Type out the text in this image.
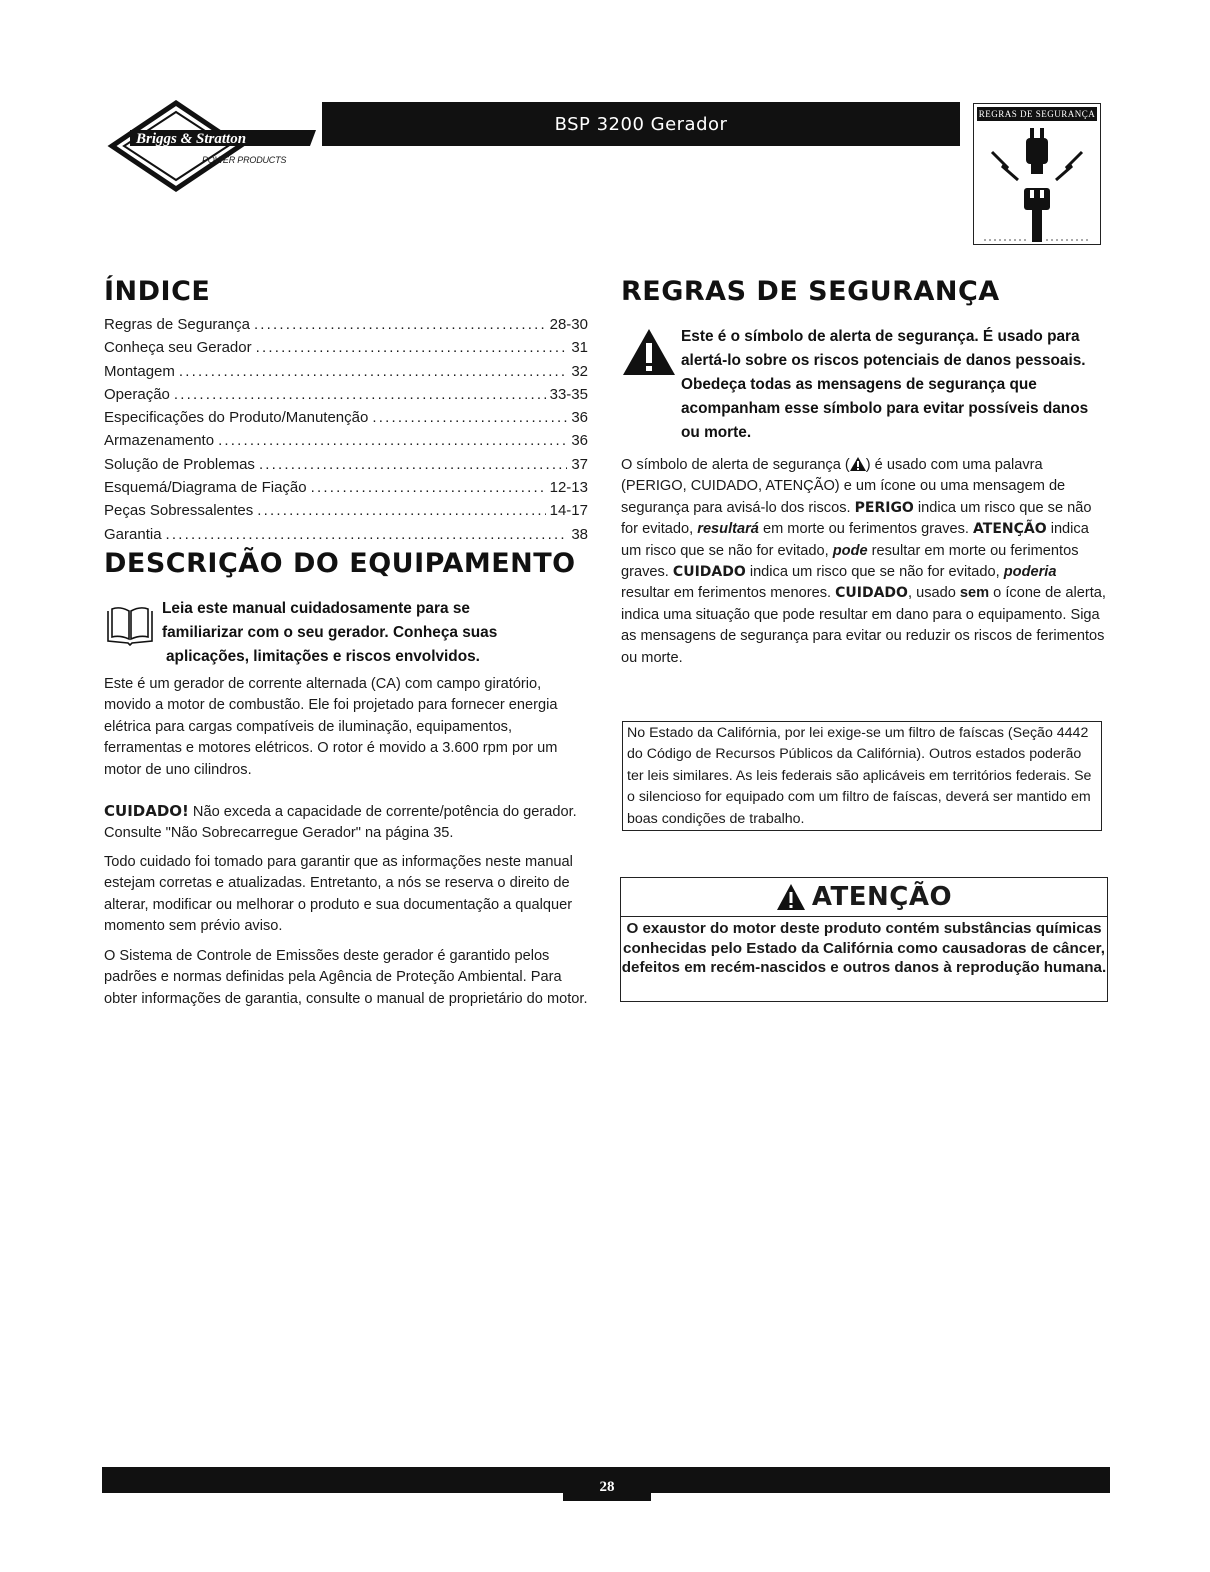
Briggs & Stratton
POWER PRODUCTS
BSP 3200 Gerador	REGRAS DE SEGURANÇA
ÍNDICE
Regras de Segurança .....	28-30
Conheça seu Gerador .....	31
Montagem .....	32
Operação .....	33-35
Especificações do Produto/Manutenção .....	36
Armazenamento .....	36
Solução de Problemas .....	37
Esquemá/Diagrama de Fiação .....	12-13
Peças Sobressalentes .....	14-17
Garantia .....	38
DESCRIÇÃO DO EQUIPAMENTO
Leia este manual cuidadosamente para se
familiarizar com o seu gerador. Conheça suas

aplicações, limitações e riscos envolvidos.

Este é um gerador de corrente alternada (CA) com campo giratório, movido a motor de combustão. Ele foi projetado para fornecer energia elétrica para cargas compatíveis de iluminação, equipamentos, ferramentas e motores elétricos. O rotor é movido a 3.600 rpm por um motor de uno cilindros.

CUIDADO! Não exceda a capacidade de corrente/potência do gerador. Consulte "Não Sobrecarregue Gerador" na página 35.

Todo cuidado foi tomado para garantir que as informações neste manual estejam corretas e atualizadas. Entretanto, a nós se reserva o direito de alterar, modificar ou melhorar o produto e sua documentação a qualquer momento sem prévio aviso.

O Sistema de Controle de Emissões deste gerador é garantido pelos padrões e normas definidas pela Agência de Proteção Ambiental. Para obter informações de garantia, consulte o manual de proprietário do motor.

REGRAS DE SEGURANÇA
Este é o símbolo de alerta de segurança. É usado para alertá-lo sobre os riscos potenciais de danos pessoais. Obedeça todas as mensagens de segurança que acompanham esse símbolo para evitar possíveis danos ou morte.

O símbolo de alerta de segurança ( ) é usado com uma palavra (PERIGO, CUIDADO, ATENÇÃO) e um ícone ou uma mensagem de segurança para avisá-lo dos riscos. PERIGO indica um risco que se não for evitado, resultará em morte ou ferimentos graves. ATENÇÃO indica um risco que se não for evitado, pode resultar em morte ou ferimentos graves. CUIDADO indica um risco que se não for evitado, poderia resultar em ferimentos menores. CUIDADO, usado sem o ícone de alerta, indica uma situação que pode resultar em dano para o equipamento. Siga as mensagens de segurança para evitar ou reduzir os riscos de ferimentos ou morte.

No Estado da Califórnia, por lei exige-se um filtro de faíscas (Seção 4442 do Código de Recursos Públicos da Califórnia). Outros estados poderão ter leis similares. As leis federais são aplicáveis em territórios federais. Se o silencioso for equipado com um filtro de faíscas, deverá ser mantido em boas condições de trabalho.
ATENÇÃO
O exaustor do motor deste produto contém substâncias químicas conhecidas pelo Estado da Califórnia como causadoras de câncer, defeitos em recém-nascidos e outros danos à reprodução humana.
28
